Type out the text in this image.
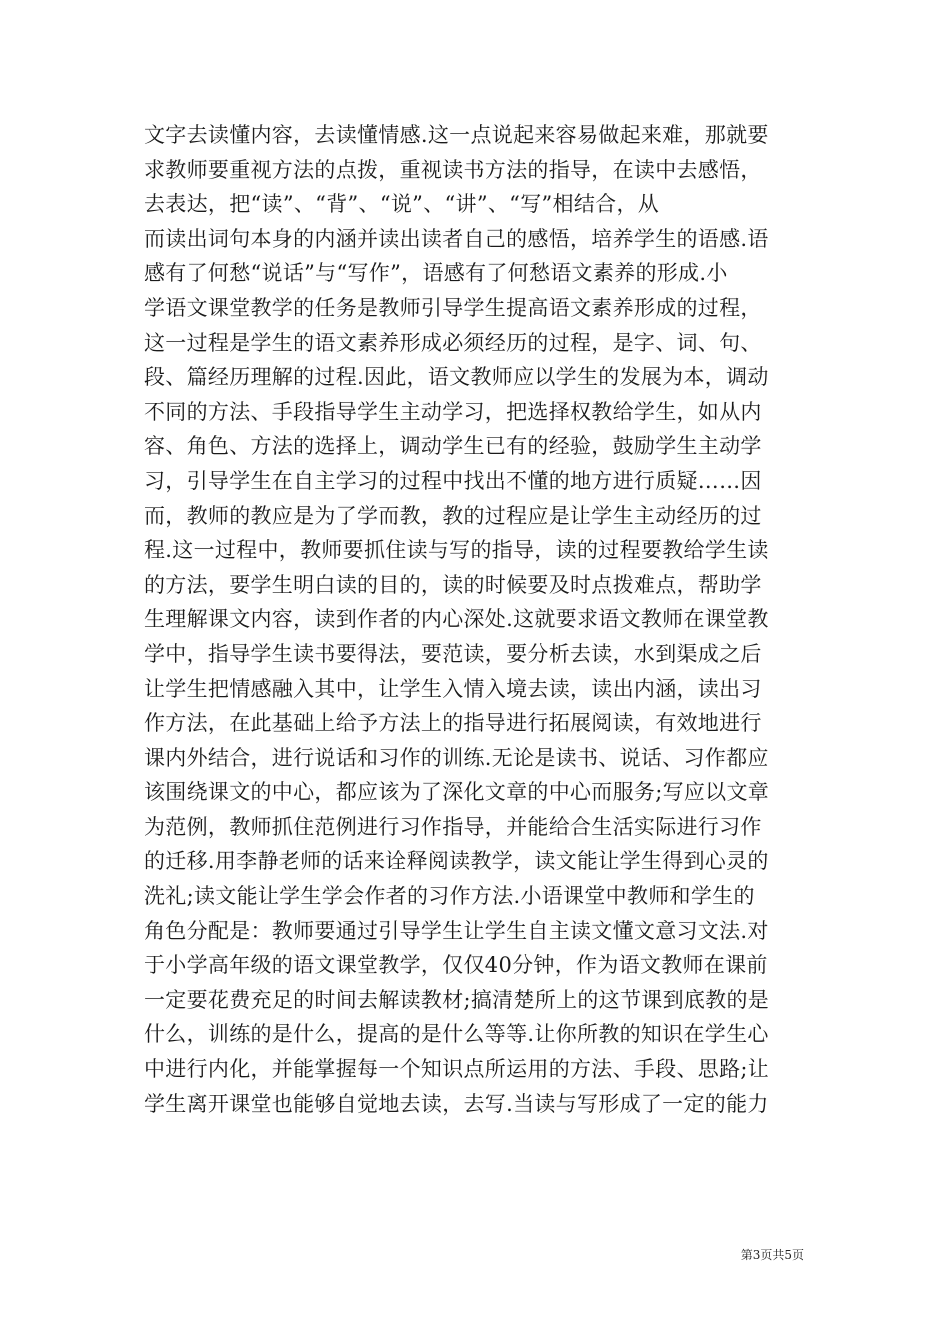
文字去读懂内容，去读懂情感.这一点说起来容易做起来难，那就要
求教师要重视方法的点拨，重视读书方法的指导，在读中去感悟，
去表达，把“读”、“背”、“说”、“讲”、“写”相结合，从
而读出词句本身的内涵并读出读者自己的感悟，培养学生的语感.语
感有了何愁“说话”与“写作”，语感有了何愁语文素养的形成.小
学语文课堂教学的任务是教师引导学生提高语文素养形成的过程，
这一过程是学生的语文素养形成必须经历的过程，是字、词、句、
段、篇经历理解的过程.因此，语文教师应以学生的发展为本，调动
不同的方法、手段指导学生主动学习，把选择权教给学生，如从内
容、角色、方法的选择上，调动学生已有的经验，鼓励学生主动学
习，引导学生在自主学习的过程中找出不懂的地方进行质疑……因
而，教师的教应是为了学而教，教的过程应是让学生主动经历的过
程.这一过程中，教师要抓住读与写的指导，读的过程要教给学生读
的方法，要学生明白读的目的，读的时候要及时点拨难点，帮助学
生理解课文内容，读到作者的内心深处.这就要求语文教师在课堂教
学中，指导学生读书要得法，要范读，要分析去读，水到渠成之后
让学生把情感融入其中，让学生入情入境去读，读出内涵，读出习
作方法，在此基础上给予方法上的指导进行拓展阅读，有效地进行
课内外结合，进行说话和习作的训练.无论是读书、说话、习作都应
该围绕课文的中心，都应该为了深化文章的中心而服务;写应以文章
为范例，教师抓住范例进行习作指导，并能给合生活实际进行习作
的迁移.用李静老师的话来诠释阅读教学，读文能让学生得到心灵的
洗礼;读文能让学生学会作者的习作方法.小语课堂中教师和学生的
角色分配是：教师要通过引导学生让学生自主读文懂文意习文法.对
于小学高年级的语文课堂教学，仅仅40分钟，作为语文教师在课前
一定要花费充足的时间去解读教材;搞清楚所上的这节课到底教的是
什么，训练的是什么，提高的是什么等等.让你所教的知识在学生心
中进行内化，并能掌握每一个知识点所运用的方法、手段、思路;让
学生离开课堂也能够自觉地去读，去写.当读与写形成了一定的能力
第3页共5页
